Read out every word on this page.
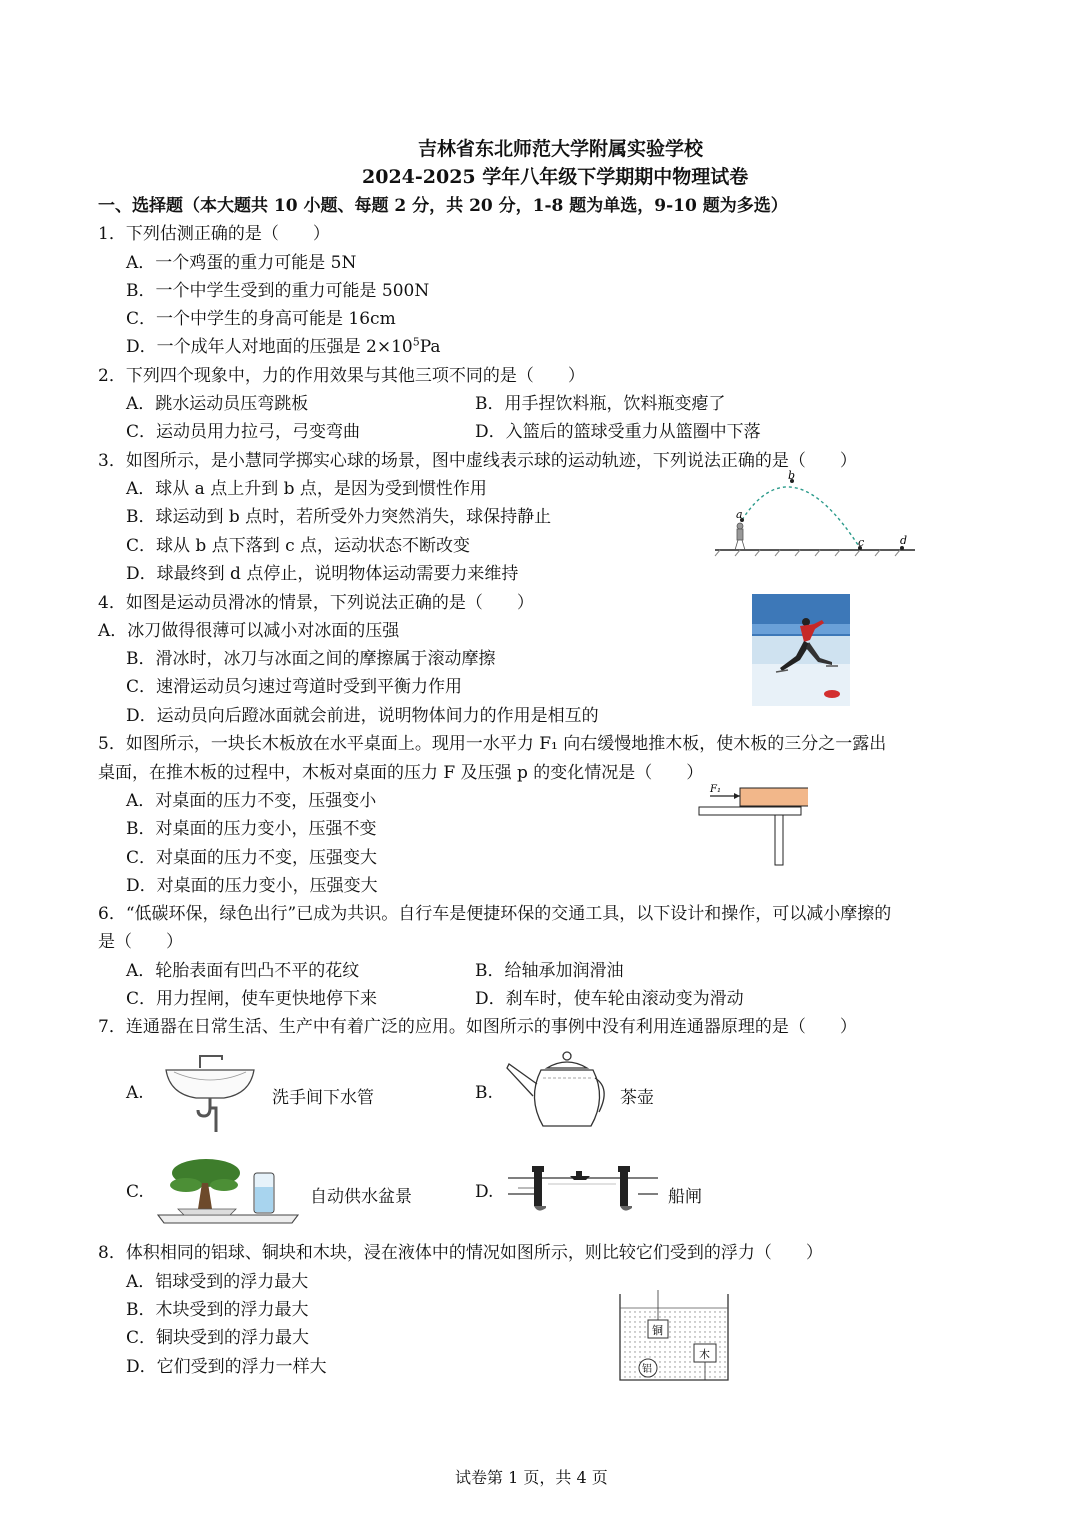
吉林省东北师范大学附属实验学校
2024-2025 学年八年级下学期期中物理试卷
一、选择题（本大题共 10 小题、每题 2 分，共 20 分，1-8 题为单选，9-10 题为多选）
1．下列估测正确的是（　　）
A．一个鸡蛋的重力可能是 5N
B．一个中学生受到的重力可能是 500N
C．一个中学生的身高可能是 16cm
D．一个成年人对地面的压强是 $2\times 10^5Pa$
2．下列四个现象中，力的作用效果与其他三项不同的是（　　）
A．跳水运动员压弯跳板	B．用手捏饮料瓶，饮料瓶变瘪了
C．运动员用力拉弓，弓变弯曲	D．入篮后的篮球受重力从篮圈中下落
3．如图所示，是小慧同学掷实心球的场景，图中虚线表示球的运动轨迹，下列说法正确的是（　　）
A．球从 a 点上升到 b 点，是因为受到惯性作用
B．球运动到 b 点时，若所受外力突然消失，球保持静止
C．球从 b 点下落到 c 点，运动状态不断改变
D．球最终到 d 点停止，说明物体运动需要力来维持
a
b
c	d
4．如图是运动员滑冰的情景，下列说法正确的是（　　）
A．冰刀做得很薄可以减小对冰面的压强
B．滑冰时，冰刀与冰面之间的摩擦属于滚动摩擦
C．速滑运动员匀速过弯道时受到平衡力作用
D．运动员向后蹬冰面就会前进，说明物体间力的作用是相互的
5．如图所示，一块长木板放在水平桌面上。现用一水平力 F₁ 向右缓慢地推木板，使木板的三分之一露出
桌面，在推木板的过程中，木板对桌面的压力 F 及压强 p 的变化情况是（　　）
A．对桌面的压力不变，压强变小
B．对桌面的压力变小，压强不变
C．对桌面的压力不变，压强变大
D．对桌面的压力变小，压强变大
F₁
6．“低碳环保，绿色出行”已成为共识。自行车是便捷环保的交通工具，以下设计和操作，可以减小摩擦的
是（　　）
A．轮胎表面有凹凸不平的花纹	B．给轴承加润滑油
C．用力捏闸，使车更快地停下来	D．刹车时，使车轮由滚动变为滑动
7．连通器在日常生活、生产中有着广泛的应用。如图所示的事例中没有利用连通器原理的是（　　）
A.	洗手间下水管	B.	茶壶
C.	自动供水盆景	D.	船闸
8．体积相同的铝球、铜块和木块，浸在液体中的情况如图所示，则比较它们受到的浮力（　　）
A．铝球受到的浮力最大
B．木块受到的浮力最大
C．铜块受到的浮力最大
D．它们受到的浮力一样大
铜
木
铝
试卷第 1 页，共 4 页
